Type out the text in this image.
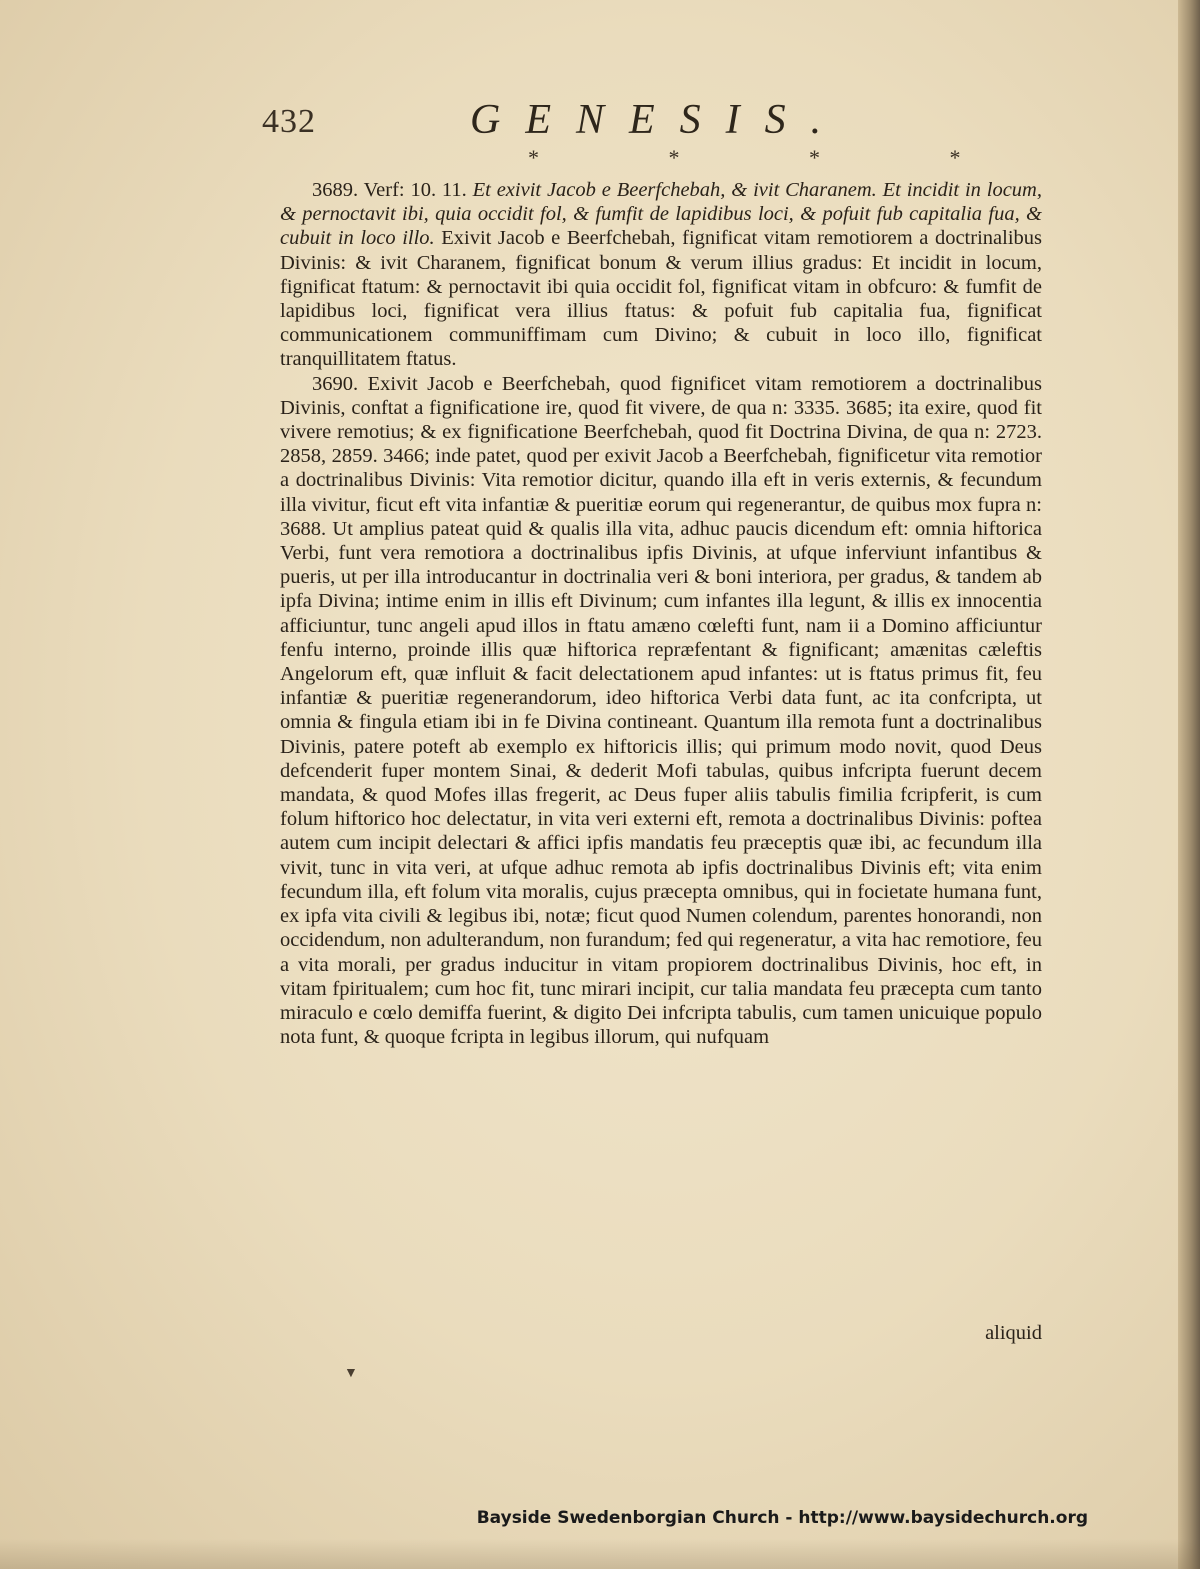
432	GENESIS.
* * * *

3689. Verf: 10. 11. Et exivit Jacob e Beerfchebah, & ivit Charanem. Et incidit in locum, & pernoctavit ibi, quia occidit fol, & fumfit de lapidibus loci, & pofuit fub capitalia fua, & cubuit in loco illo. Exivit Jacob e Beerfchebah, fignificat vitam remotiorem a doctrinalibus Divinis: & ivit Charanem, fignificat bonum & verum illius gradus: Et incidit in locum, fignificat ftatum: & pernoctavit ibi quia occidit fol, fignificat vitam in obfcuro: & fumfit de lapidibus loci, fignificat vera illius ftatus: & pofuit fub capitalia fua, fignificat communicationem communiffimam cum Divino; & cubuit in loco illo, fignificat tranquillitatem ftatus.

3690. Exivit Jacob e Beerfchebah, quod fignificet vitam remotiorem a doctrinalibus Divinis, conftat a fignificatione ire, quod fit vivere, de qua n: 3335. 3685; ita exire, quod fit vivere remotius; & ex fignificatione Beerfchebah, quod fit Doctrina Divina, de qua n: 2723. 2858, 2859. 3466; inde patet, quod per exivit Jacob a Beerfchebah, fignificetur vita remotior a doctrinalibus Divinis: Vita remotior dicitur, quando illa eft in veris externis, & fecundum illa vivitur, ficut eft vita infantiæ & pueritiæ eorum qui regenerantur, de quibus mox fupra n: 3688. Ut amplius pateat quid & qualis illa vita, adhuc paucis dicendum eft: omnia hiftorica Verbi, funt vera remotiora a doctrinalibus ipfis Divinis, at ufque inferviunt infantibus & pueris, ut per illa introducantur in doctrinalia veri & boni interiora, per gradus, & tandem ab ipfa Divina; intime enim in illis eft Divinum; cum infantes illa legunt, & illis ex innocentia afficiuntur, tunc angeli apud illos in ftatu amæno cœlefti funt, nam ii a Domino afficiuntur fenfu interno, proinde illis quæ hiftorica repræfentant & fignificant; amænitas cæleftis Angelorum eft, quæ influit & facit delectationem apud infantes: ut is ftatus primus fit, feu infantiæ & pueritiæ regenerandorum, ideo hiftorica Verbi data funt, ac ita confcripta, ut omnia & fingula etiam ibi in fe Divina contineant. Quantum illa remota funt a doctrinalibus Divinis, patere poteft ab exemplo ex hiftoricis illis; qui primum modo novit, quod Deus defcenderit fuper montem Sinai, & dederit Mofi tabulas, quibus infcripta fuerunt decem mandata, & quod Mofes illas fregerit, ac Deus fuper aliis tabulis fimilia fcripferit, is cum folum hiftorico hoc delectatur, in vita veri externi eft, remota a doctrinalibus Divinis: poftea autem cum incipit delectari & affici ipfis mandatis feu præceptis quæ ibi, ac fecundum illa vivit, tunc in vita veri, at ufque adhuc remota ab ipfis doctrinalibus Divinis eft; vita enim fecundum illa, eft folum vita moralis, cujus præcepta omnibus, qui in focietate humana funt, ex ipfa vita civili & legibus ibi, notæ; ficut quod Numen colendum, parentes honorandi, non occidendum, non adulterandum, non furandum; fed qui regeneratur, a vita hac remotiore, feu a vita morali, per gradus inducitur in vitam propiorem doctrinalibus Divinis, hoc eft, in vitam fpiritualem; cum hoc fit, tunc mirari incipit, cur talia mandata feu præcepta cum tanto miraculo e cœlo demiffa fuerint, & digito Dei infcripta tabulis, cum tamen unicuique populo nota funt, & quoque fcripta in legibus illorum, qui nufquam

aliquid
▼
Bayside Swedenborgian Church - http://www.baysidechurch.org
